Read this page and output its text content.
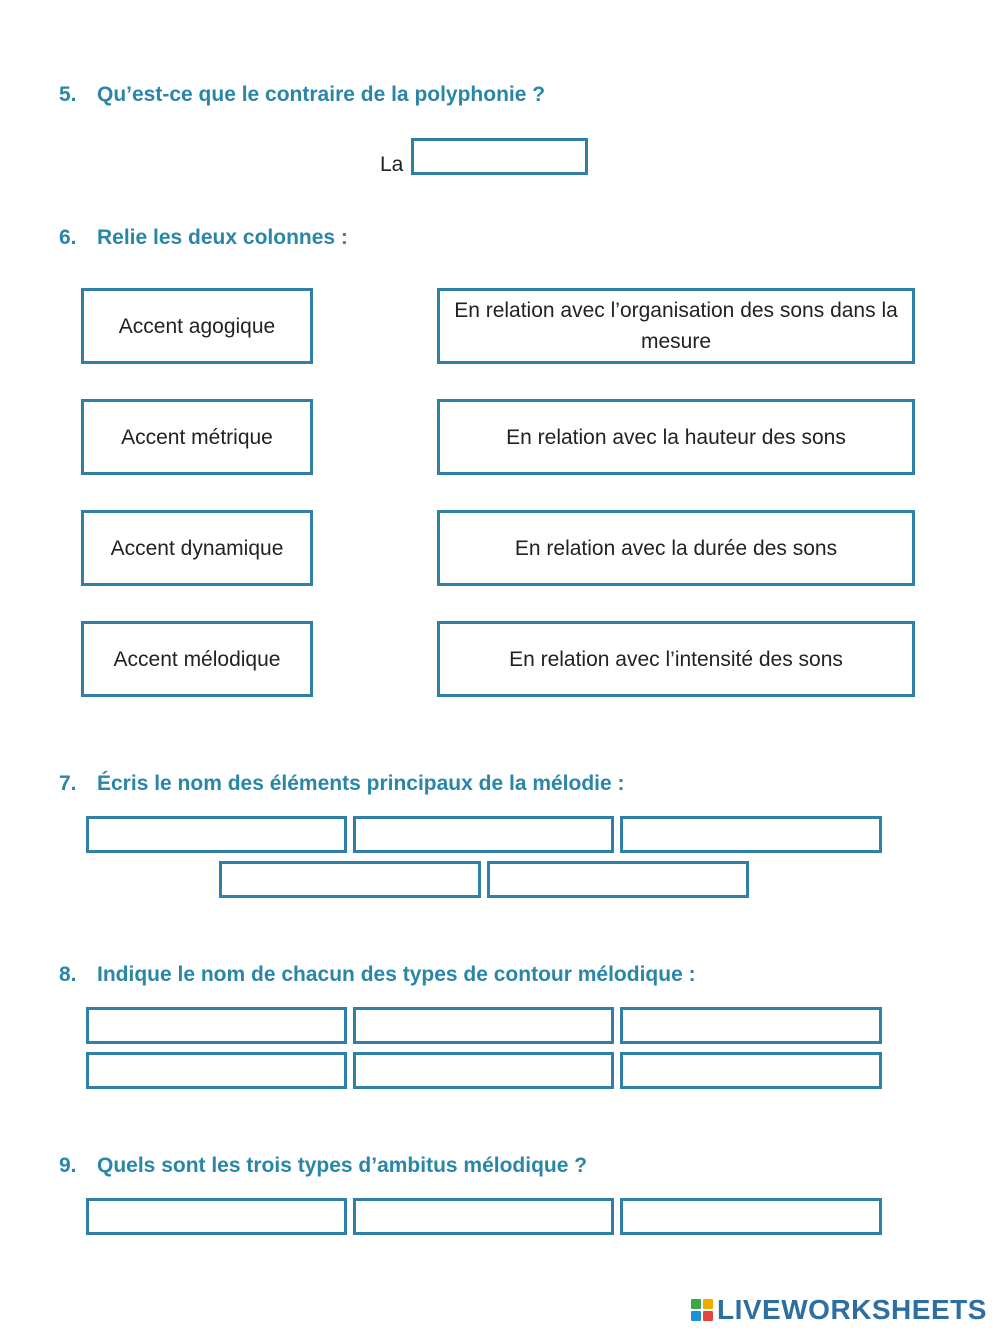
5. Qu’est-ce que le contraire de la polyphonie ?
La
6. Relie les deux colonnes :
Accent agogique
Accent métrique
Accent dynamique
Accent mélodique
En relation avec l’organisation des sons dans la mesure
En relation avec la hauteur des sons
En relation avec la durée des sons
En relation avec l’intensité des sons
7. Écris le nom des éléments principaux de la mélodie :
8. Indique le nom de chacun des types de contour mélodique :
9. Quels sont les trois types d’ambitus mélodique ?
LIVEWORKSHEETS
